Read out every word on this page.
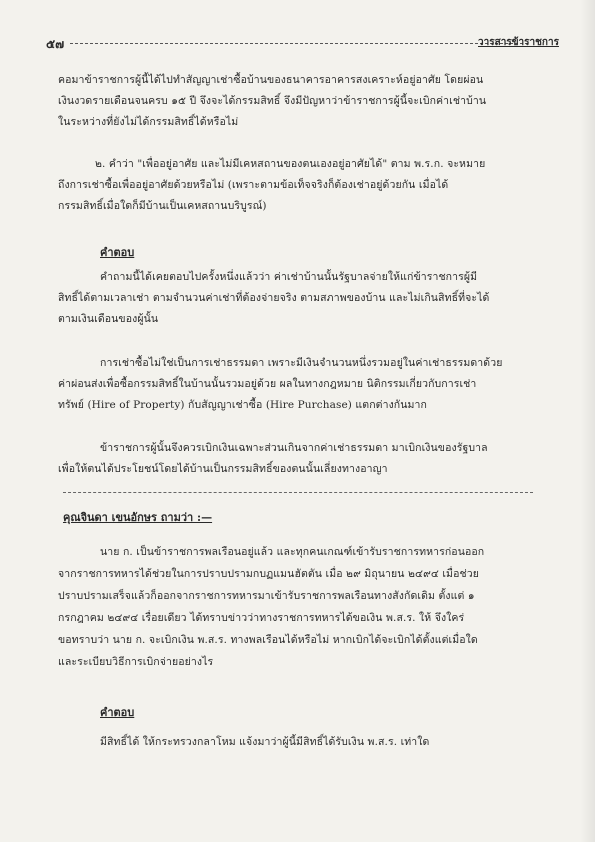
๕๗	วารสารข้าราชการ
คอมาข้าราชการผู้นี้ได้ไปทำสัญญาเช่าซื้อบ้านของธนาคารอาคารสงเคราะห์อยู่อาศัย โดยผ่อน
เงินงวดรายเดือนจนครบ ๑๕ ปี จึงจะได้กรรมสิทธิ์ จึงมีปัญหาว่าข้าราชการผู้นี้จะเบิกค่าเช่าบ้าน
ในระหว่างที่ยังไม่ได้กรรมสิทธิ์ได้หรือไม่
๒. คำว่า "เพื่ออยู่อาศัย และไม่มีเคหสถานของตนเองอยู่อาศัยได้" ตาม พ.ร.ก. จะหมาย
ถึงการเช่าซื้อเพื่ออยู่อาศัยด้วยหรือไม่ (เพราะตามข้อเท็จจริงก็ต้องเช่าอยู่ด้วยกัน เมื่อได้
กรรมสิทธิ์เมื่อใดก็มีบ้านเป็นเคหสถานบริบูรณ์)
คำตอบ
คำถามนี้ได้เคยตอบไปครั้งหนึ่งแล้วว่า ค่าเช่าบ้านนั้นรัฐบาลจ่ายให้แก่ข้าราชการผู้มี
สิทธิ์ได้ตามเวลาเช่า ตามจำนวนค่าเช่าที่ต้องจ่ายจริง ตามสภาพของบ้าน และไม่เกินสิทธิ์ที่จะได้
ตามเงินเดือนของผู้นั้น
การเช่าซื้อไม่ใช่เป็นการเช่าธรรมดา เพราะมีเงินจำนวนหนึ่งรวมอยู่ในค่าเช่าธรรมดาด้วย
ค่าผ่อนส่งเพื่อซื้อกรรมสิทธิ์ในบ้านนั้นรวมอยู่ด้วย ผลในทางกฎหมาย นิติกรรมเกี่ยวกับการเช่า
ทรัพย์ (Hire of Property) กับสัญญาเช่าซื้อ (Hire Purchase) แตกต่างกันมาก
ข้าราชการผู้นั้นจึงควรเบิกเงินเฉพาะส่วนเกินจากค่าเช่าธรรมดา มาเบิกเงินของรัฐบาล
เพื่อให้ตนได้ประโยชน์โดยได้บ้านเป็นกรรมสิทธิ์ของตนนั้นเลี่ยงทางอาญา
คุณจินดา เขนอักษร ถามว่า :—
นาย ก. เป็นข้าราชการพลเรือนอยู่แล้ว และทุกคนเกณฑ์เข้ารับราชการทหารก่อนออก
จากราชการทหารได้ช่วยในการปราบปรามกบฏแมนฮัตตัน เมื่อ ๒๙ มิถุนายน ๒๔๙๔ เมื่อช่วย
ปราบปรามเสร็จแล้วก็ออกจากราชการทหารมาเข้ารับราชการพลเรือนทางสังกัดเดิม ตั้งแต่ ๑
กรกฎาคม ๒๔๙๔ เรื่อยเดียว ได้ทราบข่าวว่าทางราชการทหารได้ขอเงิน พ.ส.ร. ให้ จึงใคร่
ขอทราบว่า นาย ก. จะเบิกเงิน พ.ส.ร. ทางพลเรือนได้หรือไม่ หากเบิกได้จะเบิกได้ตั้งแต่เมื่อใด
และระเบียบวิธีการเบิกจ่ายอย่างไร
คำตอบ
มีสิทธิ์ได้ ให้กระทรวงกลาโหม แจ้งมาว่าผู้นี้มีสิทธิ์ได้รับเงิน พ.ส.ร. เท่าใด
